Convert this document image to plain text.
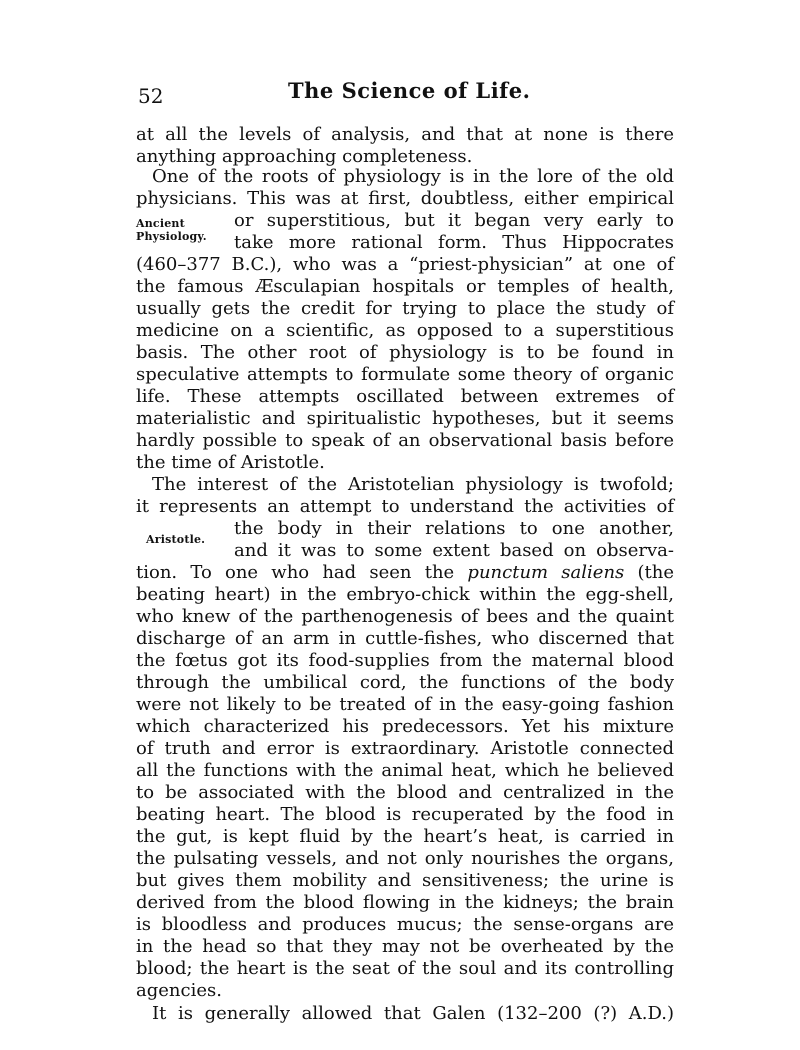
52	The Science of Life.
at all the levels of analysis, and that at none is there
anything approaching completeness.
One of the roots of physiology is in the lore of the old
physicians. This was at first, doubtless, either empirical
or superstitious, but it began very early to
take more rational form. Thus Hippocrates
Ancient
Physiology.
(460–377 B.C.), who was a “priest-physician” at one of
the famous Æsculapian hospitals or temples of health,
usually gets the credit for trying to place the study of
medicine on a scientific, as opposed to a superstitious
basis. The other root of physiology is to be found in
speculative attempts to formulate some theory of organic
life. These attempts oscillated between extremes of
materialistic and spiritualistic hypotheses, but it seems
hardly possible to speak of an observational basis before
the time of Aristotle.
The interest of the Aristotelian physiology is twofold;
it represents an attempt to understand the activities of
the body in their relations to one another,
and it was to some extent based on observa-
Aristotle.
tion. To one who had seen the punctum saliens (the
beating heart) in the embryo-chick within the egg-shell,
who knew of the parthenogenesis of bees and the quaint
discharge of an arm in cuttle-fishes, who discerned that
the fœtus got its food-supplies from the maternal blood
through the umbilical cord, the functions of the body
were not likely to be treated of in the easy-going fashion
which characterized his predecessors. Yet his mixture
of truth and error is extraordinary. Aristotle connected
all the functions with the animal heat, which he believed
to be associated with the blood and centralized in the
beating heart. The blood is recuperated by the food in
the gut, is kept fluid by the heart’s heat, is carried in
the pulsating vessels, and not only nourishes the organs,
but gives them mobility and sensitiveness; the urine is
derived from the blood flowing in the kidneys; the brain
is bloodless and produces mucus; the sense-organs are
in the head so that they may not be overheated by the
blood; the heart is the seat of the soul and its controlling
agencies.
It is generally allowed that Galen (132–200 (?) A.D.)
